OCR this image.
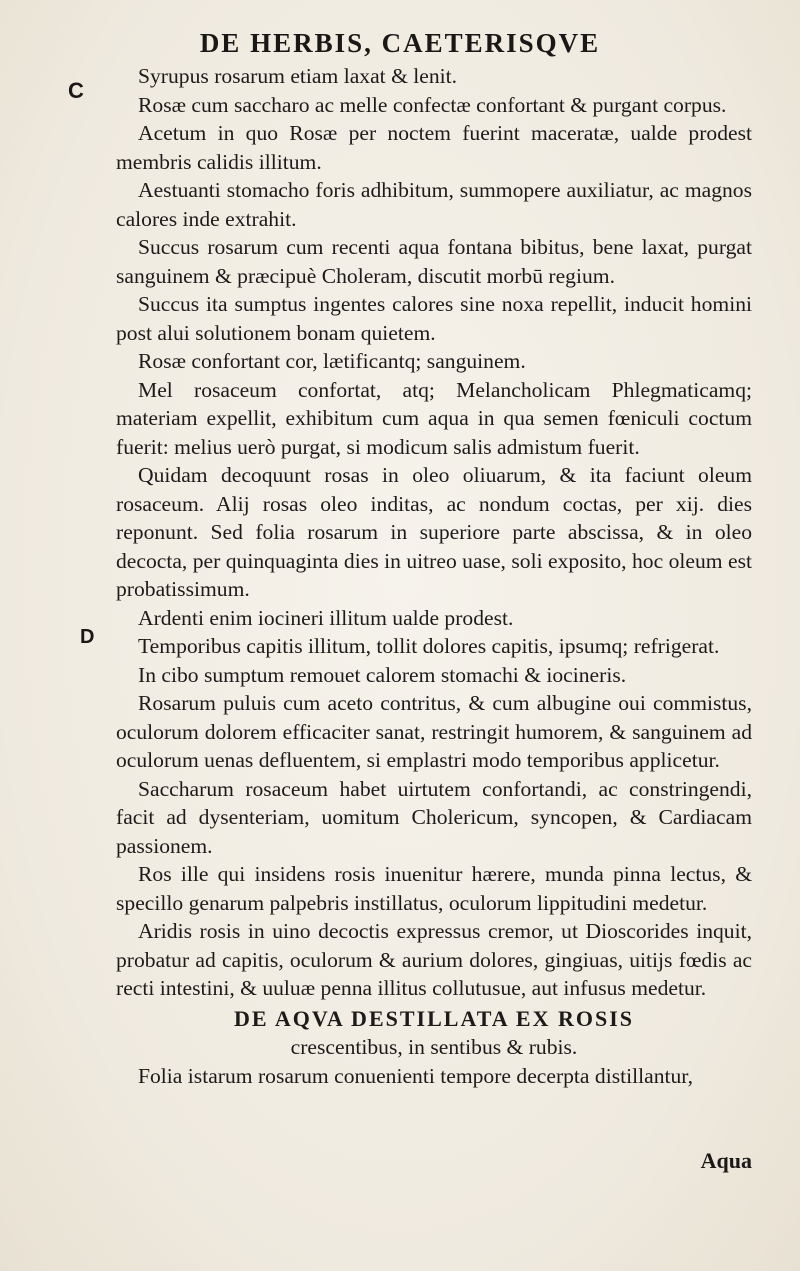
DE HERBIS, CAETERISQVE
C
D

Syrupus rosarum etiam laxat & lenit.

Rosæ cum saccharo ac melle confectæ confortant & purgant corpus.

Acetum in quo Rosæ per noctem fuerint maceratæ, ualde prodest membris calidis illitum.

Aestuanti stomacho foris adhibitum, summopere auxiliatur, ac magnos calores inde extrahit.

Succus rosarum cum recenti aqua fontana bibitus, bene laxat, purgat sanguinem & præcipuè Choleram, discutit morbū regium.

Succus ita sumptus ingentes calores sine noxa repellit, inducit homini post alui solutionem bonam quietem.

Rosæ confortant cor, lætificantq; sanguinem.

Mel rosaceum confortat, atq; Melancholicam Phlegmaticamq; materiam expellit, exhibitum cum aqua in qua semen fœniculi coctum fuerit: melius uerò purgat, si modicum salis admistum fuerit.

Quidam decoquunt rosas in oleo oliuarum, & ita faciunt oleum rosaceum. Alij rosas oleo inditas, ac nondum coctas, per xij. dies reponunt. Sed folia rosarum in superiore parte abscissa, & in oleo decocta, per quinquaginta dies in uitreo uase, soli exposito, hoc oleum est probatissimum.

Ardenti enim iocineri illitum ualde prodest.

Temporibus capitis illitum, tollit dolores capitis, ipsumq; refrigerat.

In cibo sumptum remouet calorem stomachi & iocineris.

Rosarum puluis cum aceto contritus, & cum albugine oui commistus, oculorum dolorem efficaciter sanat, restringit humorem, & sanguinem ad oculorum uenas defluentem, si emplastri modo temporibus applicetur.

Saccharum rosaceum habet uirtutem confortandi, ac constringendi, facit ad dysenteriam, uomitum Cholericum, syncopen, & Cardiacam passionem.

Ros ille qui insidens rosis inuenitur hærere, munda pinna lectus, & specillo genarum palpebris instillatus, oculorum lippitudini medetur.

Aridis rosis in uino decoctis expressus cremor, ut Dioscorides inquit, probatur ad capitis, oculorum & aurium dolores, gingiuas, uitijs fœdis ac recti intestini, & uuluæ penna illitus collutusue, aut infusus medetur.

DE AQVA DESTILLATA EX ROSIS

crescentibus, in sentibus & rubis.

Folia istarum rosarum conuenienti tempore decerpta distillantur,

Aqua
